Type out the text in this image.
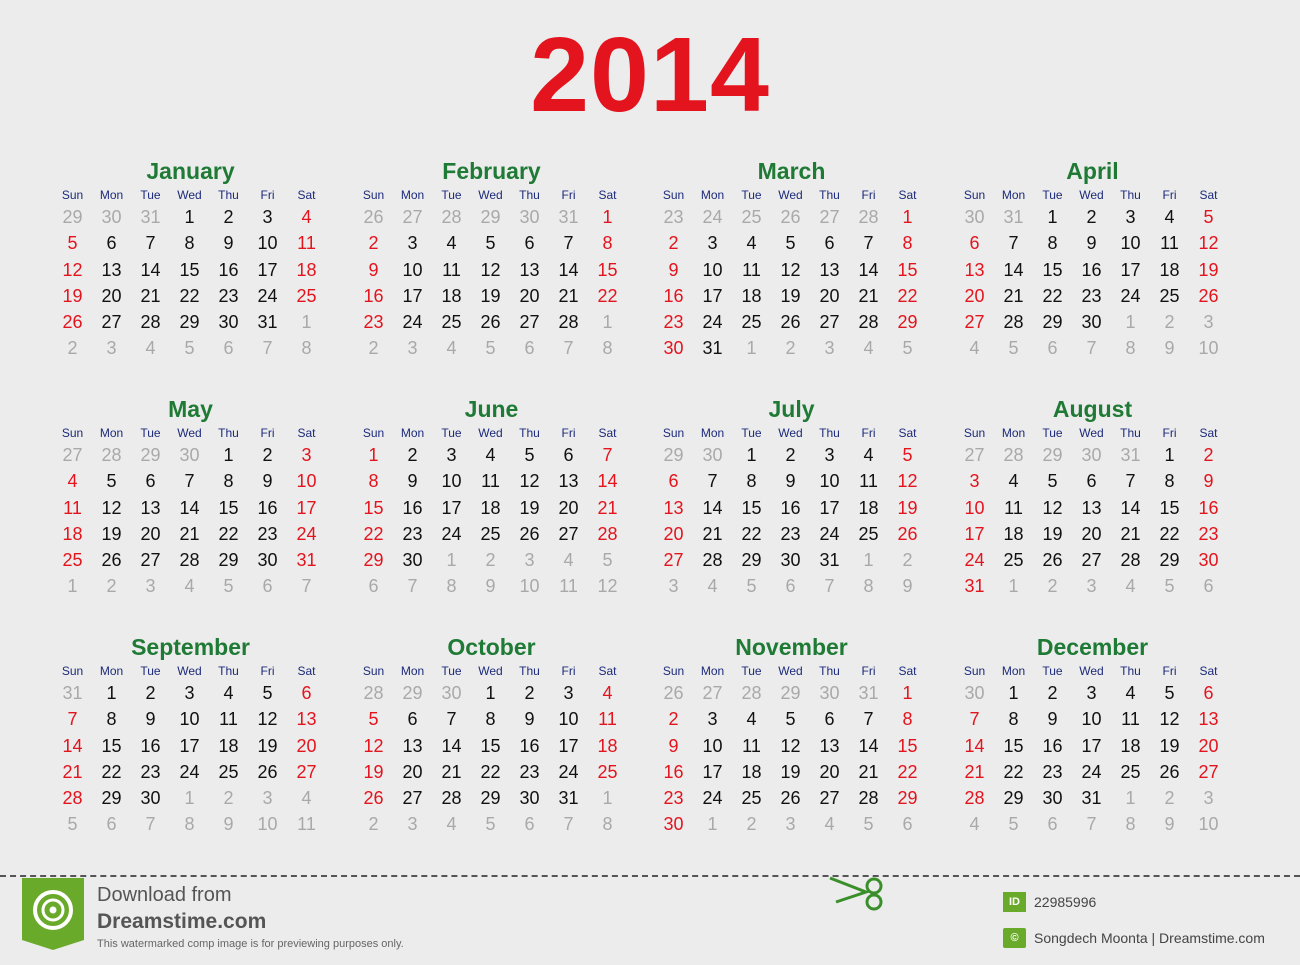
2014
January
Sun	Mon	Tue	Wed	Thu	Fri	Sat
29	30	31	1	2	3	4
5	6	7	8	9	10	11
12	13	14	15	16	17	18
19	20	21	22	23	24	25
26	27	28	29	30	31	1
2	3	4	5	6	7	8
February
Sun	Mon	Tue	Wed	Thu	Fri	Sat
26	27	28	29	30	31	1
2	3	4	5	6	7	8
9	10	11	12	13	14	15
16	17	18	19	20	21	22
23	24	25	26	27	28	1
2	3	4	5	6	7	8
March
Sun	Mon	Tue	Wed	Thu	Fri	Sat
23	24	25	26	27	28	1
2	3	4	5	6	7	8
9	10	11	12	13	14	15
16	17	18	19	20	21	22
23	24	25	26	27	28	29
30	31	1	2	3	4	5
April
Sun	Mon	Tue	Wed	Thu	Fri	Sat
30	31	1	2	3	4	5
6	7	8	9	10	11	12
13	14	15	16	17	18	19
20	21	22	23	24	25	26
27	28	29	30	1	2	3
4	5	6	7	8	9	10
May
Sun	Mon	Tue	Wed	Thu	Fri	Sat
27	28	29	30	1	2	3
4	5	6	7	8	9	10
11	12	13	14	15	16	17
18	19	20	21	22	23	24
25	26	27	28	29	30	31
1	2	3	4	5	6	7
June
Sun	Mon	Tue	Wed	Thu	Fri	Sat
1	2	3	4	5	6	7
8	9	10	11	12	13	14
15	16	17	18	19	20	21
22	23	24	25	26	27	28
29	30	1	2	3	4	5
6	7	8	9	10	11	12
July
Sun	Mon	Tue	Wed	Thu	Fri	Sat
29	30	1	2	3	4	5
6	7	8	9	10	11	12
13	14	15	16	17	18	19
20	21	22	23	24	25	26
27	28	29	30	31	1	2
3	4	5	6	7	8	9
August
Sun	Mon	Tue	Wed	Thu	Fri	Sat
27	28	29	30	31	1	2
3	4	5	6	7	8	9
10	11	12	13	14	15	16
17	18	19	20	21	22	23
24	25	26	27	28	29	30
31	1	2	3	4	5	6
September
Sun	Mon	Tue	Wed	Thu	Fri	Sat
31	1	2	3	4	5	6
7	8	9	10	11	12	13
14	15	16	17	18	19	20
21	22	23	24	25	26	27
28	29	30	1	2	3	4
5	6	7	8	9	10	11
October
Sun	Mon	Tue	Wed	Thu	Fri	Sat
28	29	30	1	2	3	4
5	6	7	8	9	10	11
12	13	14	15	16	17	18
19	20	21	22	23	24	25
26	27	28	29	30	31	1
2	3	4	5	6	7	8
November
Sun	Mon	Tue	Wed	Thu	Fri	Sat
26	27	28	29	30	31	1
2	3	4	5	6	7	8
9	10	11	12	13	14	15
16	17	18	19	20	21	22
23	24	25	26	27	28	29
30	1	2	3	4	5	6
December
Sun	Mon	Tue	Wed	Thu	Fri	Sat
30	1	2	3	4	5	6
7	8	9	10	11	12	13
14	15	16	17	18	19	20
21	22	23	24	25	26	27
28	29	30	31	1	2	3
4	5	6	7	8	9	10
Download from
Dreamstime.com
This watermarked comp image is for previewing purposes only.
ID	22985996
©	Songdech Moonta | Dreamstime.com
